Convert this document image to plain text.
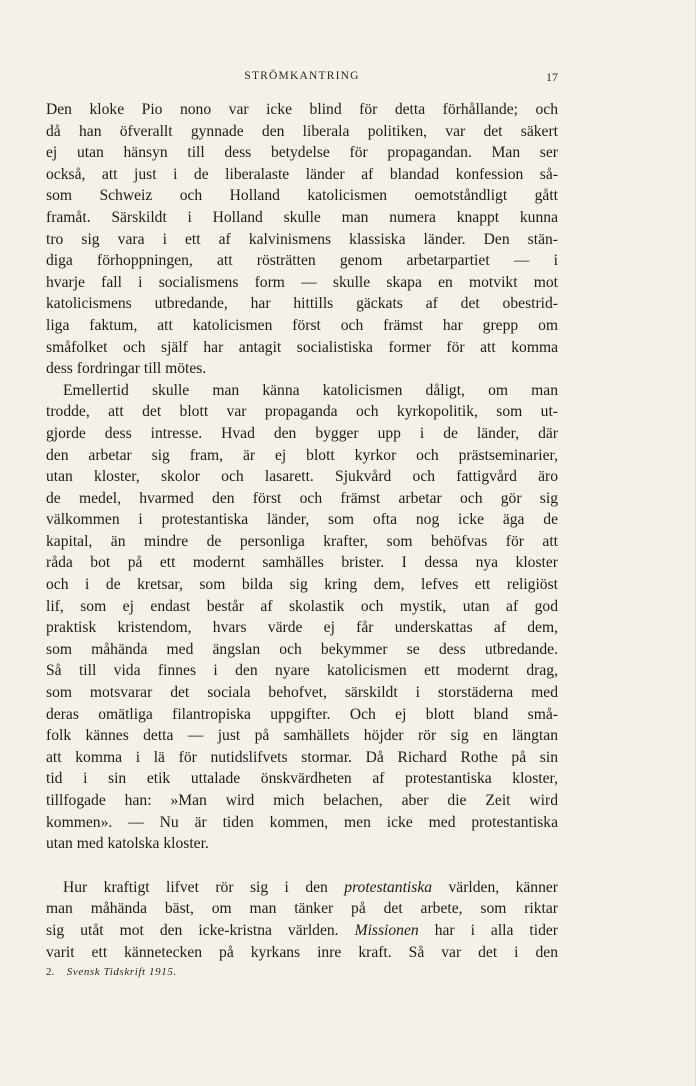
STRÖMKANTRING	17
Den kloke Pio nono var icke blind för detta förhållande; och
då han öfverallt gynnade den liberala politiken, var det säkert
ej utan hänsyn till dess betydelse för propagandan. Man ser
också, att just i de liberalaste länder af blandad konfession så-
som Schweiz och Holland katolicismen oemotståndligt gått
framåt. Särskildt i Holland skulle man numera knappt kunna
tro sig vara i ett af kalvinismens klassiska länder. Den stän-
diga förhoppningen, att rösträtten genom arbetarpartiet — i
hvarje fall i socialismens form — skulle skapa en motvikt mot
katolicismens utbredande, har hittills gäckats af det obestrid-
liga faktum, att katolicismen först och främst har grepp om
småfolket och själf har antagit socialistiska former för att komma
dess fordringar till mötes.
Emellertid skulle man känna katolicismen dåligt, om man
trodde, att det blott var propaganda och kyrkopolitik, som ut-
gjorde dess intresse. Hvad den bygger upp i de länder, där
den arbetar sig fram, är ej blott kyrkor och prästseminarier,
utan kloster, skolor och lasarett. Sjukvård och fattigvård äro
de medel, hvarmed den först och främst arbetar och gör sig
välkommen i protestantiska länder, som ofta nog icke äga de
kapital, än mindre de personliga krafter, som behöfvas för att
råda bot på ett modernt samhälles brister. I dessa nya kloster
och i de kretsar, som bilda sig kring dem, lefves ett religiöst
lif, som ej endast består af skolastik och mystik, utan af god
praktisk kristendom, hvars värde ej får underskattas af dem,
som måhända med ängslan och bekymmer se dess utbredande.
Så till vida finnes i den nyare katolicismen ett modernt drag,
som motsvarar det sociala behofvet, särskildt i storstäderna med
deras omätliga filantropiska uppgifter. Och ej blott bland små-
folk kännes detta — just på samhällets höjder rör sig en längtan
att komma i lä för nutidslifvets stormar. Då Richard Rothe på sin
tid i sin etik uttalade önskvärdheten af protestantiska kloster,
tillfogade han: »Man wird mich belachen, aber die Zeit wird
kommen». — Nu är tiden kommen, men icke med protestantiska
utan med katolska kloster.
Hur kraftigt lifvet rör sig i den protestantiska världen, känner
man måhända bäst, om man tänker på det arbete, som riktar
sig utåt mot den icke-kristna världen. Missionen har i alla tider
varit ett kännetecken på kyrkans inre kraft. Så var det i den
2. Svensk Tidskrift 1915.
